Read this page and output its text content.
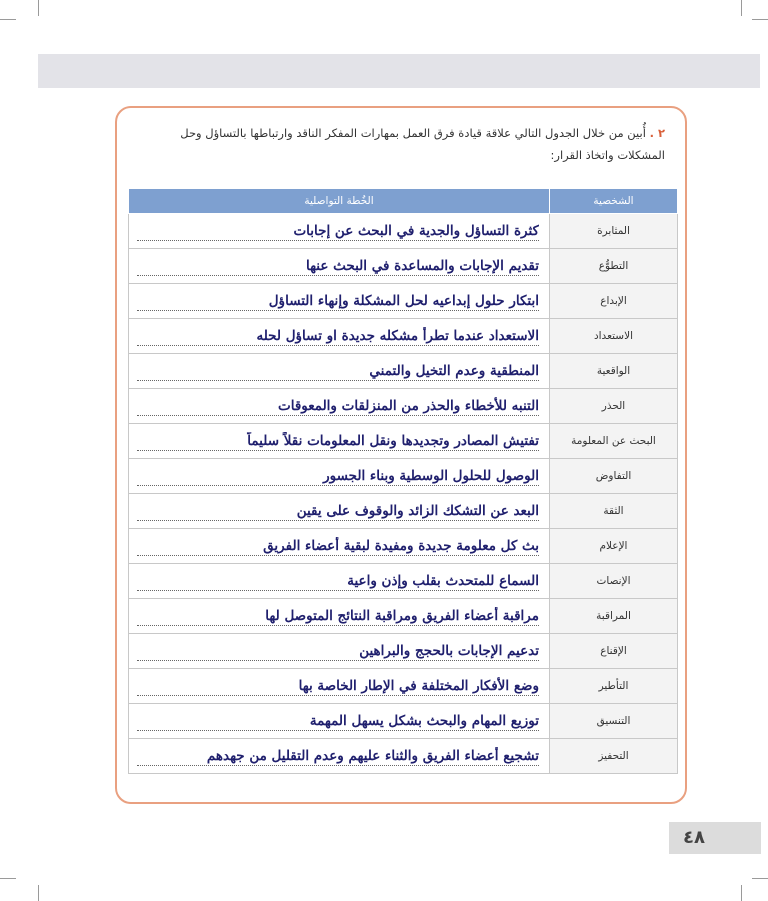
٢ . أُبين من خلال الجدول التالي علاقة قيادة فرق العمل بمهارات المفكر الناقد وارتباطها بالتساؤل وحل المشكلات واتخاذ القرار:
الشخصية	الخُطة التواصلية
المثابرة	كثرة التساؤل والجدية في البحث عن إجابات

التطوُّع	تقديم الإجابات والمساعدة في البحث عنها

الإبداع	ابتكار حلول إبداعيه لحل المشكلة وإنهاء التساؤل

الاستعداد	الاستعداد عندما تطرأ مشكله جديدة او تساؤل لحله

الواقعية	المنطقية وعدم التخيل والتمني

الحذر	التنبه للأخطاء والحذر من المنزلقات والمعوقات

البحث عن المعلومة	تفتيش المصادر وتجديدها ونقل المعلومات نقلاً سليماً

التفاوض	الوصول للحلول الوسطية وبناء الجسور

الثقة	البعد عن التشكك الزائد والوقوف على يقين

الإعلام	بث كل معلومة جديدة ومفيدة لبقية أعضاء الفريق

الإنصات	السماع للمتحدث بقلب وإذن واعية

المراقبة	مراقبة أعضاء الفريق ومراقبة النتائج المتوصل لها

الإقناع	تدعيم الإجابات بالحجج والبراهين

التأطير	وضع الأفكار المختلفة في الإطار الخاصة بها

التنسيق	توزيع المهام والبحث بشكل يسهل المهمة

التحفيز	تشجيع أعضاء الفريق والثناء عليهم وعدم التقليل من جهدهم
٤٨
